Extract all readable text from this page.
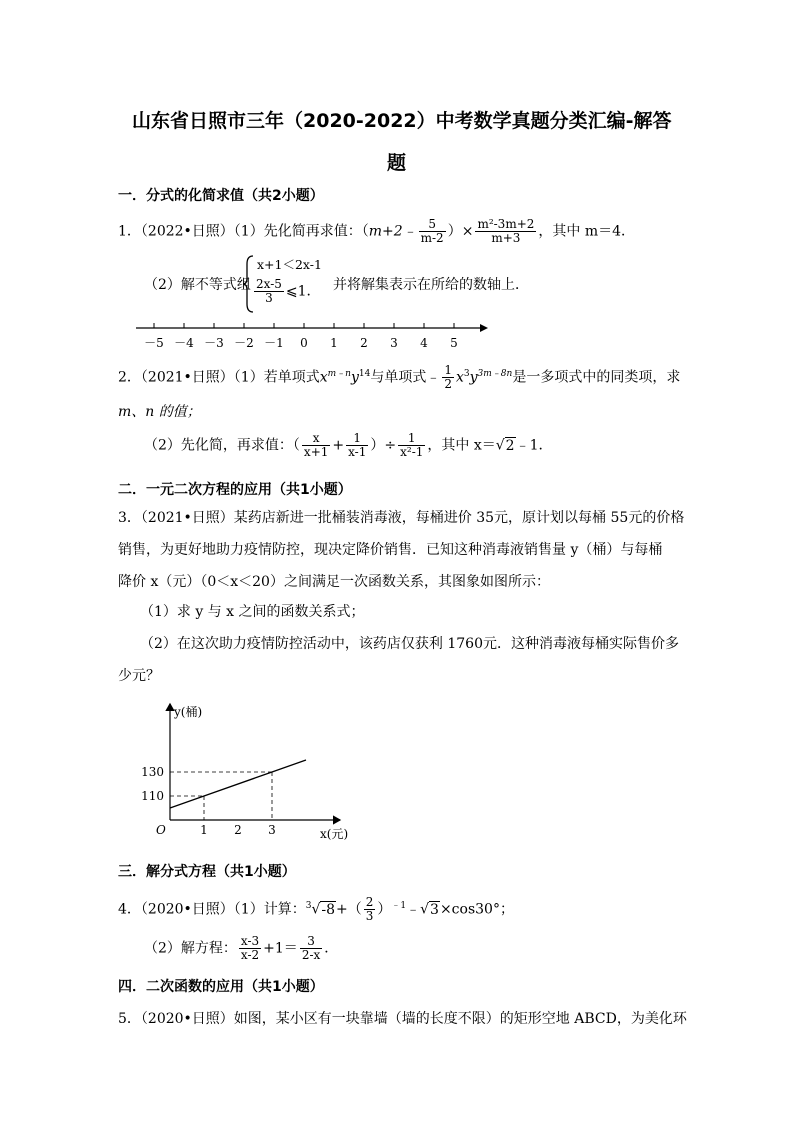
山东省日照市三年（2020-2022）中考数学真题分类汇编-解答
题
一．分式的化简求值（共2小题）
1．（2022•日照）（1）先化简再求值：（m+2﹣ $\frac{5}{m-2}$ ）× $\frac{\text{m²-3m+2}}{m+3}$ ，其中 m＝4．
（2）解不等式组
x+1＜2x-1
$\frac{2x-5}{3}$ ⩽1． 并将解集表示在所给的数轴上．
－5 －4 －3 －2 －1 0 1 2 3 4 5
2．（2021•日照）（1）若单项式$x^{m﹣n}y^{14}$与单项式﹣ $\frac{1}{2} x^3y^{3m﹣8n}$是一多项式中的同类项，求
m、n 的值；
（2）先化简，再求值：（ $\frac{x}{x+1} + \frac{1}{x-1}$ ）÷ $\frac{1}{\text{x²-1}}$ ，其中 x＝√2﹣1．
二．一元二次方程的应用（共1小题）
3．（2021•日照）某药店新进一批桶装消毒液，每桶进价 35元，原计划以每桶 55元的价格
销售，为更好地助力疫情防控，现决定降价销售．已知这种消毒液销售量 y（桶）与每桶
降价 x（元）（0＜x＜20）之间满足一次函数关系，其图象如图所示：
（1）求 y 与 x 之间的函数关系式；
（2）在这次助力疫情防控活动中，该药店仅获利 1760元．这种消毒液每桶实际售价多
少元？
130
110
1 2 3
O
y(桶)
x(元)
三．解分式方程（共1小题）
4．（2020•日照）（1）计算：$^3√-8+( \frac{2}{3}$ ）$^{﹣1}﹣√3\times\cos 30^\circ$；
（2）解方程： $\frac{x-3}{x-2} +1= \frac{3}{2-x}$ ．
四．二次函数的应用（共1小题）
5．（2020•日照）如图，某小区有一块靠墙（墙的长度不限）的矩形空地 ABCD，为美化环
